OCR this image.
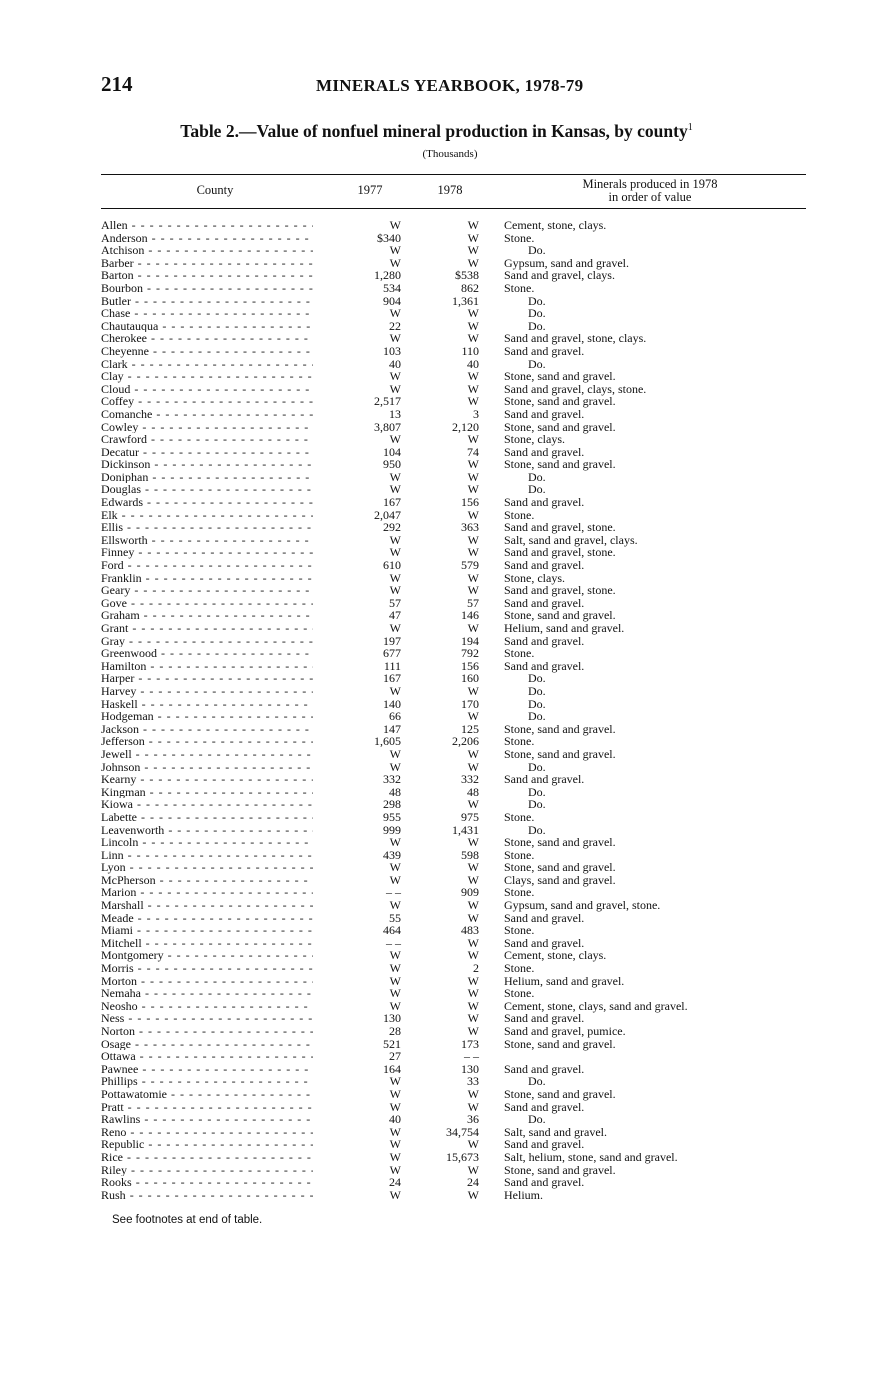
214	MINERALS YEARBOOK, 1978-79
Table 2.—Value of nonfuel mineral production in Kansas, by county$^1$
(Thousands)
County	1977	1978	Minerals produced in 1978
in order of value
Allen - - -	W	W Cement, stone, clays.
Anderson - - -	$340	W Stone.
Atchison - - -	W	W	Do.
Barber - - -	W	W Gypsum, sand and gravel.
Barton - - -	1,280	$538 Sand and gravel, clays.
Bourbon - - -	534	862 Stone.
Butler - - -	904	1,361	Do.
Chase - - -	W	W	Do.
Chautauqua - - -	22	W	Do.
Cherokee - - -	W	W Sand and gravel, stone, clays.
Cheyenne - - -	103	110 Sand and gravel.
Clark - - -	40	40	Do.
Clay - - -	W	W Stone, sand and gravel.
Cloud - - -	W	W Sand and gravel, clays, stone.
Coffey - - -	2,517	W Stone, sand and gravel.
Comanche - - -	13	3 Sand and gravel.
Cowley - - -	3,807	2,120 Stone, sand and gravel.
Crawford - - -	W	W Stone, clays.
Decatur - - -	104	74 Sand and gravel.
Dickinson - - -	950	W Stone, sand and gravel.
Doniphan - - -	W	W	Do.
Douglas - - -	W	W	Do.
Edwards - - -	167	156 Sand and gravel.
Elk - - -	2,047	W Stone.
Ellis - - -	292	363 Sand and gravel, stone.
Ellsworth - - -	W	W Salt, sand and gravel, clays.
Finney - - -	W	W Sand and gravel, stone.
Ford - - -	610	579 Sand and gravel.
Franklin - - -	W	W Stone, clays.
Geary - - -	W	W Sand and gravel, stone.
Gove - - -	57	57 Sand and gravel.
Graham - - -	47	146 Stone, sand and gravel.
Grant - - -	W	W Helium, sand and gravel.
Gray - - -	197	194 Sand and gravel.
Greenwood - - -	677	792 Stone.
Hamilton - - -	111	156 Sand and gravel.
Harper - - -	167	160	Do.
Harvey - - -	W	W	Do.
Haskell - - -	140	170	Do.
Hodgeman - - -	66	W	Do.
Jackson - - -	147	125 Stone, sand and gravel.
Jefferson - - -	1,605	2,206 Stone.
Jewell - - -	W	W Stone, sand and gravel.
Johnson - - -	W	W	Do.
Kearny - - -	332	332 Sand and gravel.
Kingman - - -	48	48	Do.
Kiowa - - -	298	W	Do.
Labette - - -	955	975 Stone.
Leavenworth - - -	999	1,431	Do.
Lincoln - - -	W	W Stone, sand and gravel.
Linn - - -	439	598 Stone.
Lyon - - -	W	W Stone, sand and gravel.
McPherson - - -	W	W Clays, sand and gravel.
Marion - - -	– –	909 Stone.
Marshall - - -	W	W Gypsum, sand and gravel, stone.
Meade - - -	55	W Sand and gravel.
Miami - - -	464	483 Stone.
Mitchell - - -	– –	W Sand and gravel.
Montgomery - - -	W	W Cement, stone, clays.
Morris - - -	W	2 Stone.
Morton - - -	W	W Helium, sand and gravel.
Nemaha - - -	W	W Stone.
Neosho - - -	W	W Cement, stone, clays, sand and gravel.
Ness - - -	130	W Sand and gravel.
Norton - - -	28	W Sand and gravel, pumice.
Osage - - -	521	173 Stone, sand and gravel.
Ottawa - - -	27	– –
Pawnee - - -	164	130 Sand and gravel.
Phillips - - -	W	33	Do.
Pottawatomie - - -	W	W Stone, sand and gravel.
Pratt - - -	W	W Sand and gravel.
Rawlins - - -	40	36	Do.
Reno - - -	W	34,754 Salt, sand and gravel.
Republic - - -	W	W Sand and gravel.
Rice - - -	W	15,673 Salt, helium, stone, sand and gravel.
Riley - - -	W	W Stone, sand and gravel.
Rooks - - -	24	24 Sand and gravel.
Rush - - -	W	W Helium.
See footnotes at end of table.
